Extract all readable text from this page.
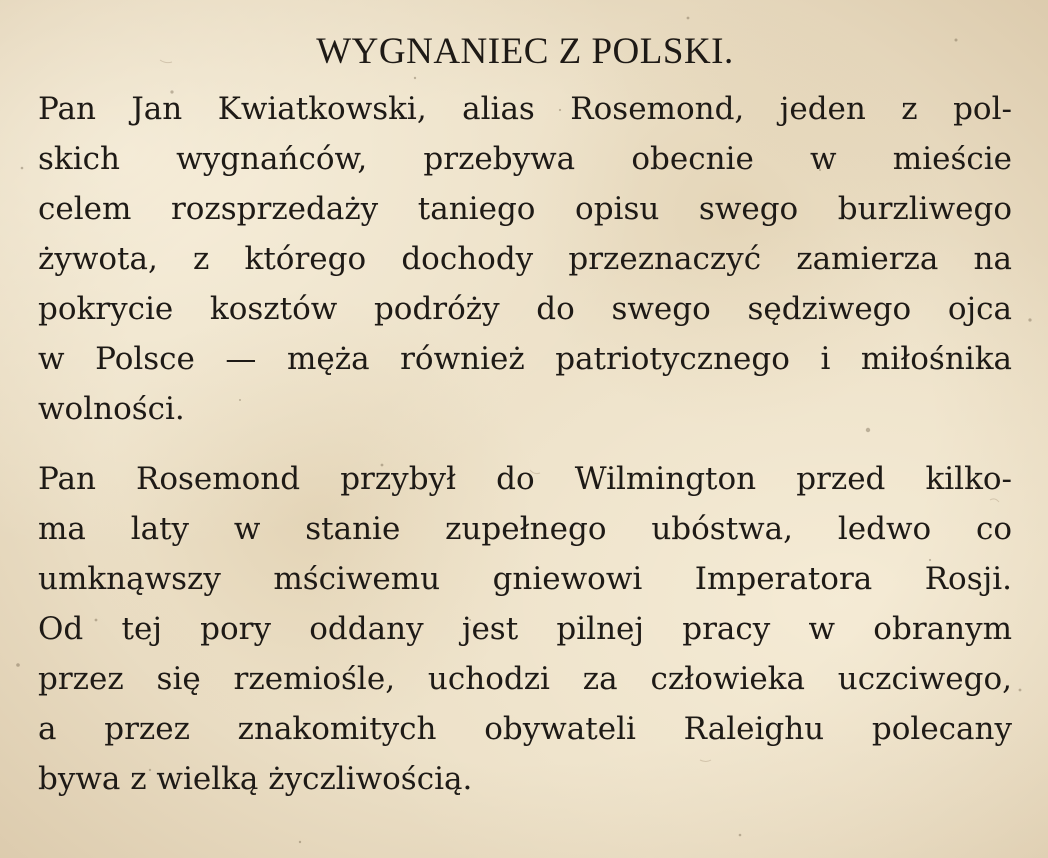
WYGNANIEC Z POLSKI.

Pan Jan Kwiatkowski, alias Rosemond, jeden z pol-
skich wygnańców, przebywa obecnie w mieście
celem rozsprzedaży taniego opisu swego burzliwego
żywota, z którego dochody przeznaczyć zamierza na
pokrycie kosztów podróży do swego sędziwego ojca
w Polsce — męża również patriotycznego i miłośnika
wolności.

Pan Rosemond przybył do Wilmington przed kilko-
ma laty w stanie zupełnego ubóstwa, ledwo co
umknąwszy mściwemu gniewowi Imperatora Rosji.
Od tej pory oddany jest pilnej pracy w obranym
przez się rzemiośle, uchodzi za człowieka uczciwego,
a przez znakomitych obywateli Raleighu polecany
bywa z wielką życzliwością.
